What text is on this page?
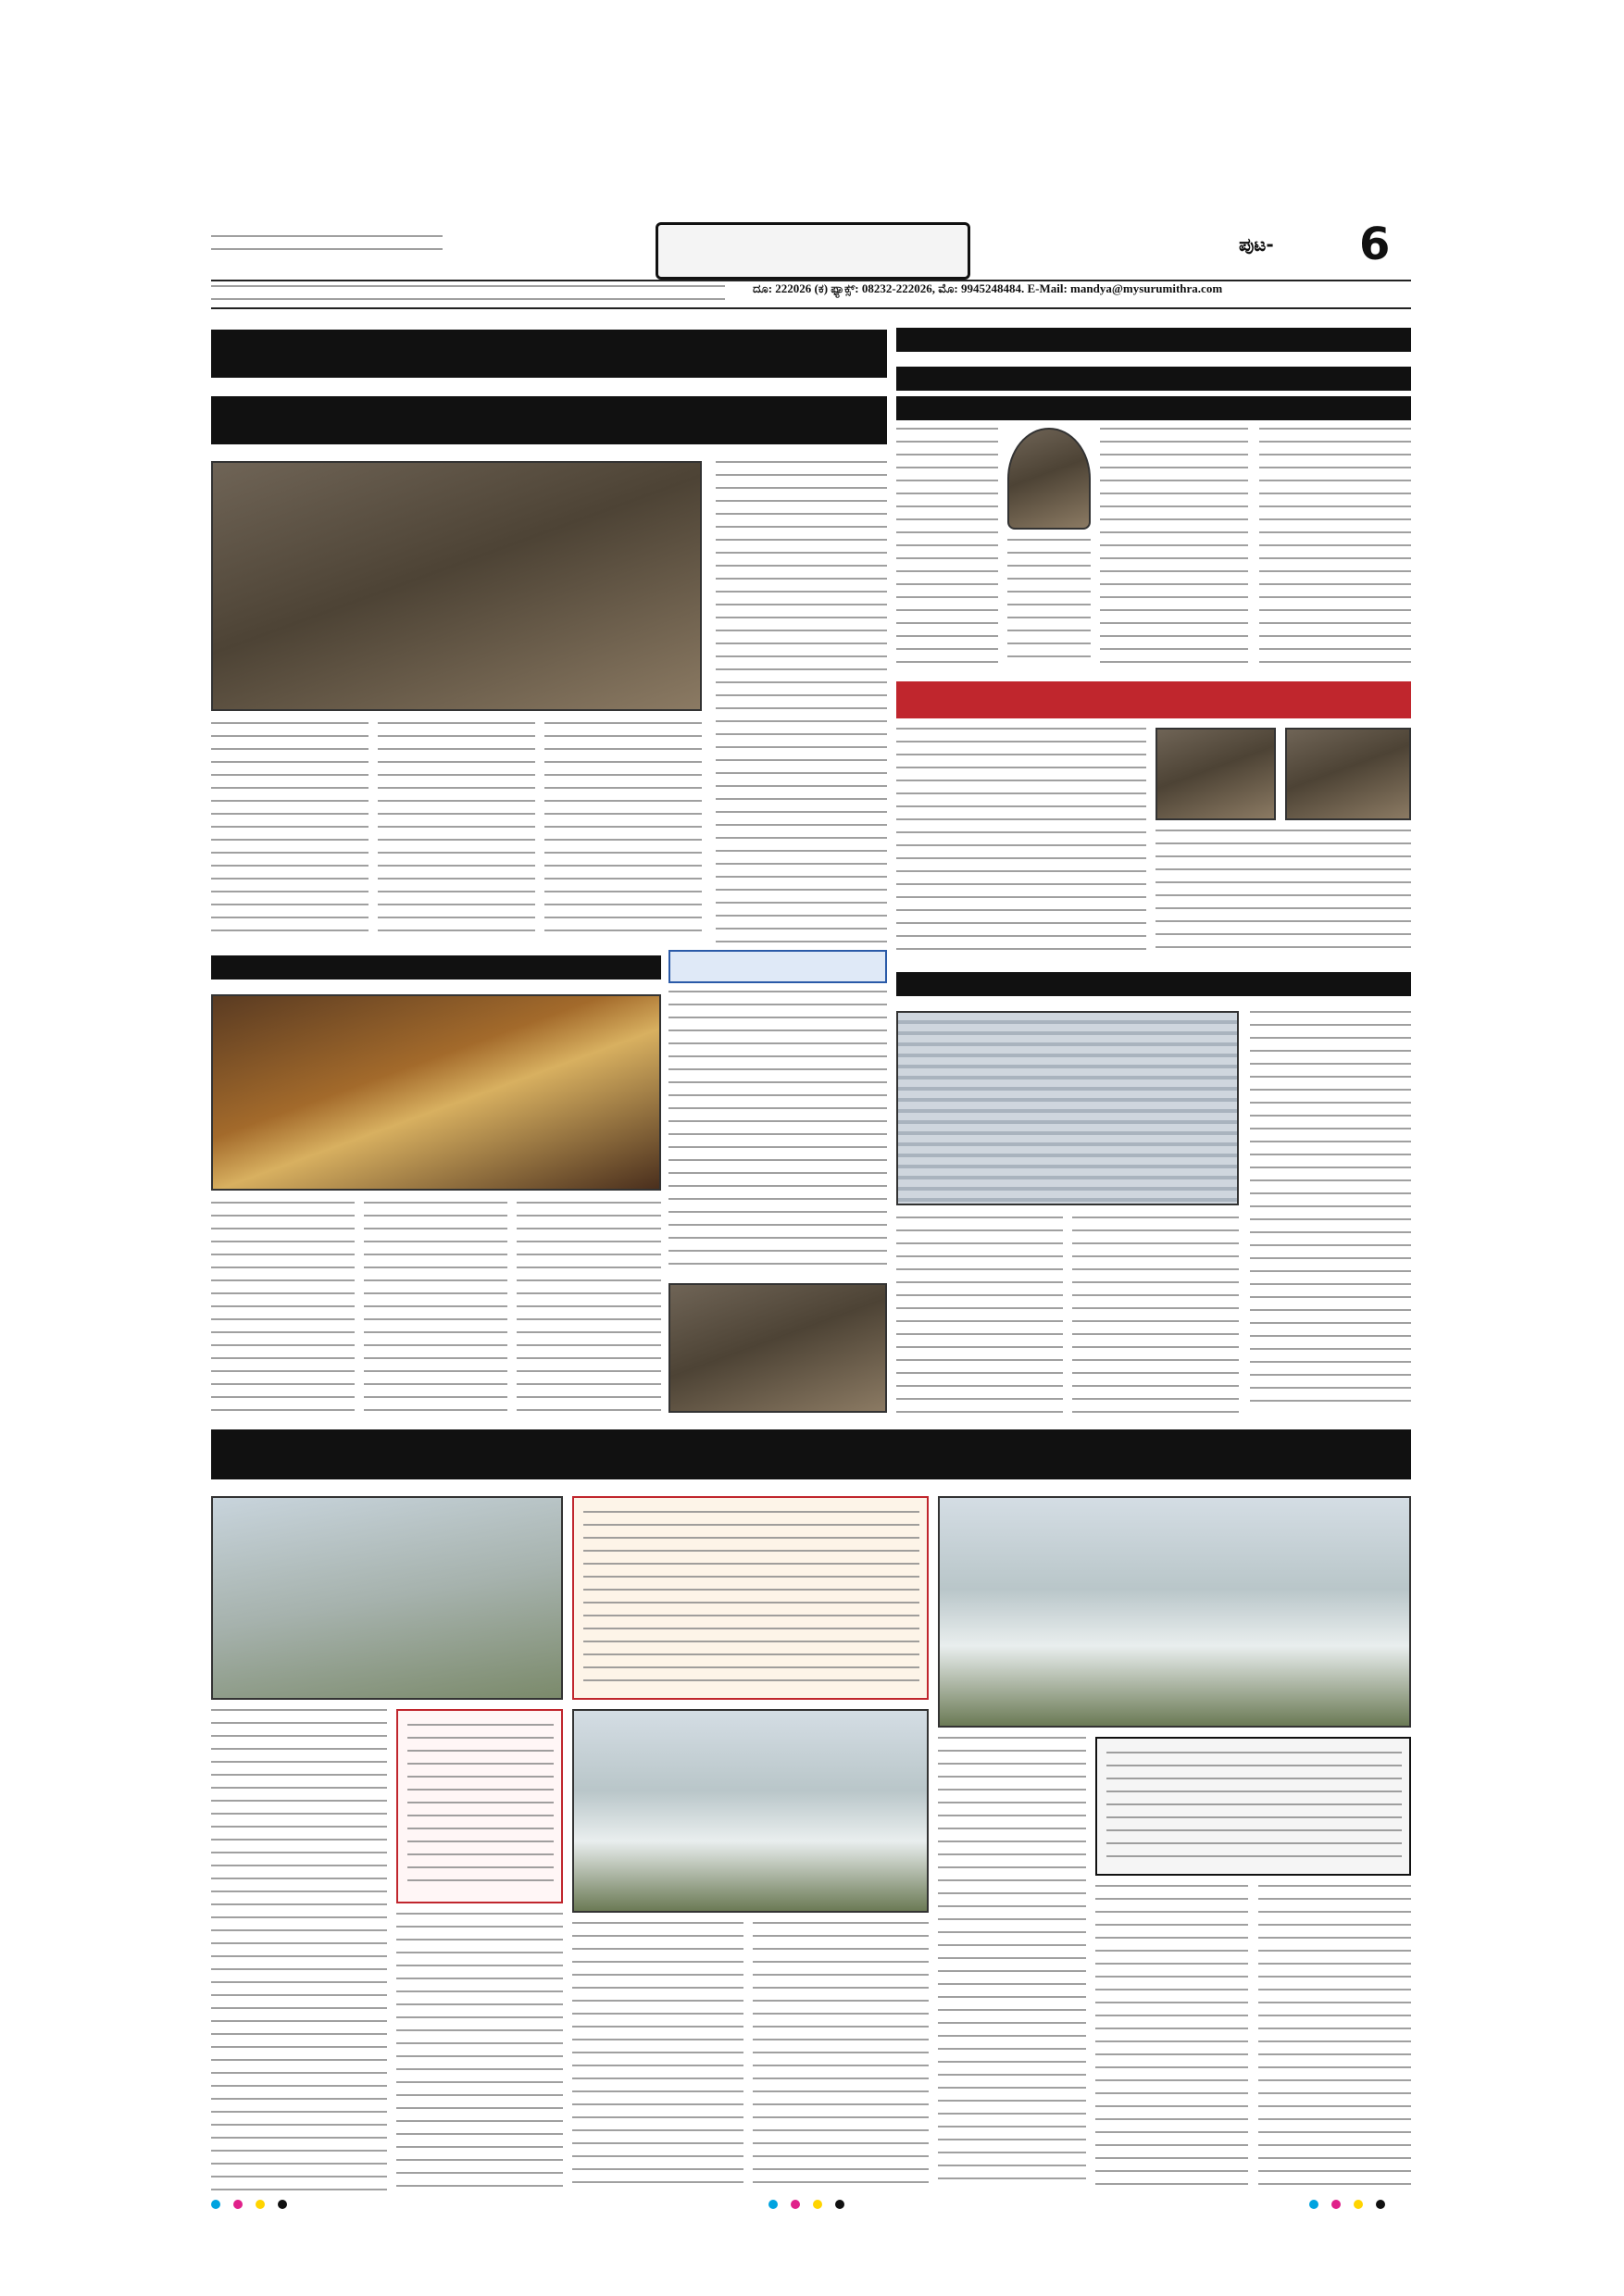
ಪುಟ- 6
ದೂ: 222026 (ಕ) ಫ್ಯಾಕ್ಸ್: 08232-222026, ಮೊ: 9945248484. E-Mail: mandya@mysurumithra.com
